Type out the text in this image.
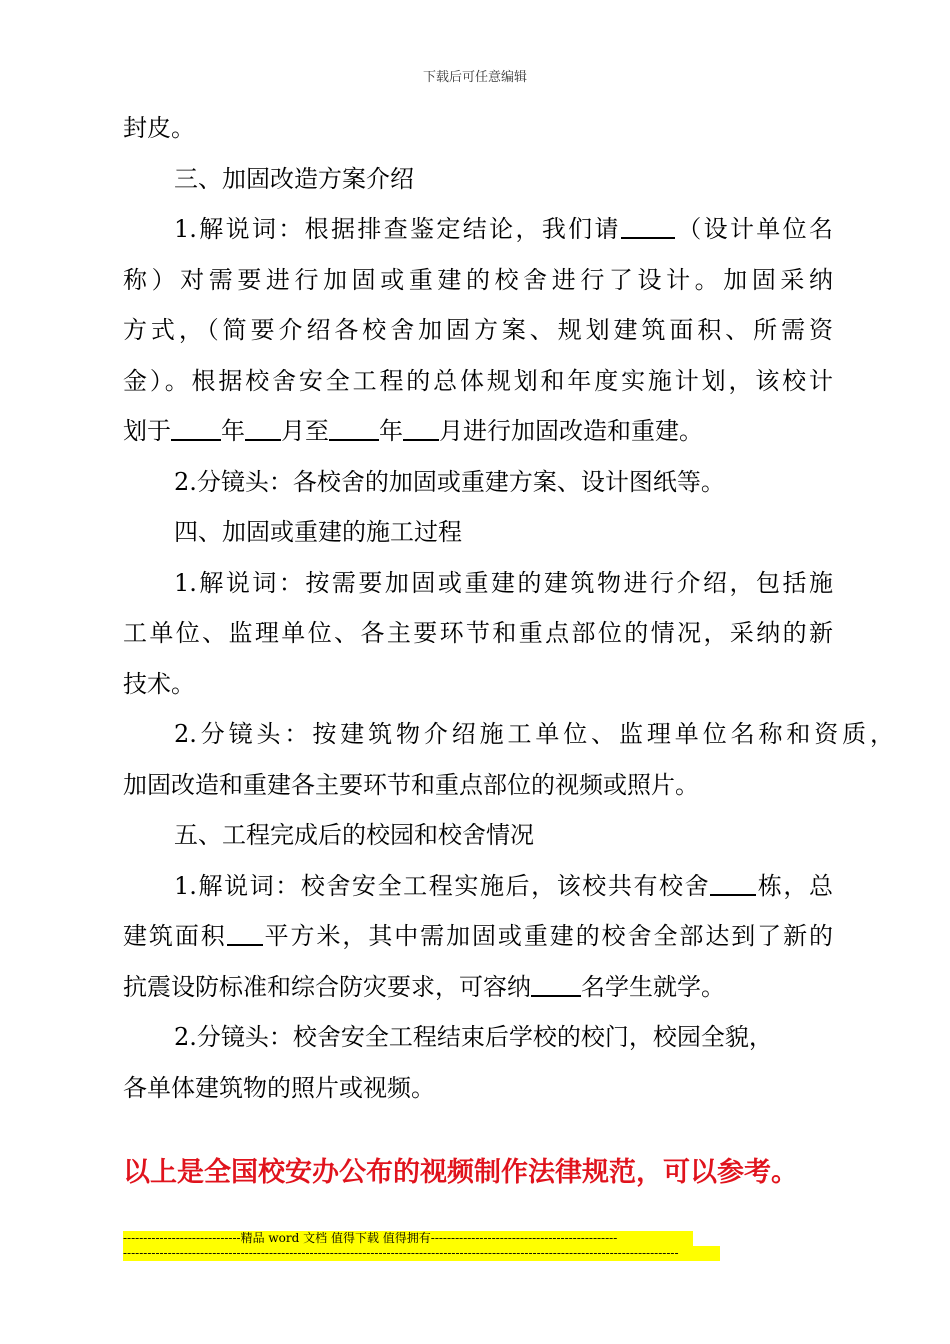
下载后可任意编辑
封皮。
三、加固改造方案介绍
1.解说词：根据排查鉴定结论，我们请 （设计单位名
称）对需要进行加固或重建的校舍进行了设计。加固采纳
方式，（简要介绍各校舍加固方案、规划建筑面积、所需资
金）。根据校舍安全工程的总体规划和年度实施计划，该校计
划于 年 月至 年 月进行加固改造和重建。
2.分镜头：各校舍的加固或重建方案、设计图纸等。
四、加固或重建的施工过程
1.解说词：按需要加固或重建的建筑物进行介绍，包括施
工单位、监理单位、各主要环节和重点部位的情况，采纳的新
技术。
2.分镜头：按建筑物介绍施工单位、监理单位名称和资质，
加固改造和重建各主要环节和重点部位的视频或照片。
五、工程完成后的校园和校舍情况
1.解说词：校舍安全工程实施后，该校共有校舍 栋，总
建筑面积 平方米，其中需加固或重建的校舍全部达到了新的
抗震设防标准和综合防灾要求，可容纳 名学生就学。
2.分镜头：校舍安全工程结束后学校的校门，校园全貌，
各单体建筑物的照片或视频。
以上是全国校安办公布的视频制作法律规范，可以参考。
-----------------------------精品 word 文档 值得下载 值得拥有----------------------------------------------
-----------------------------------------------------------------------------------------------------------------------------------------
